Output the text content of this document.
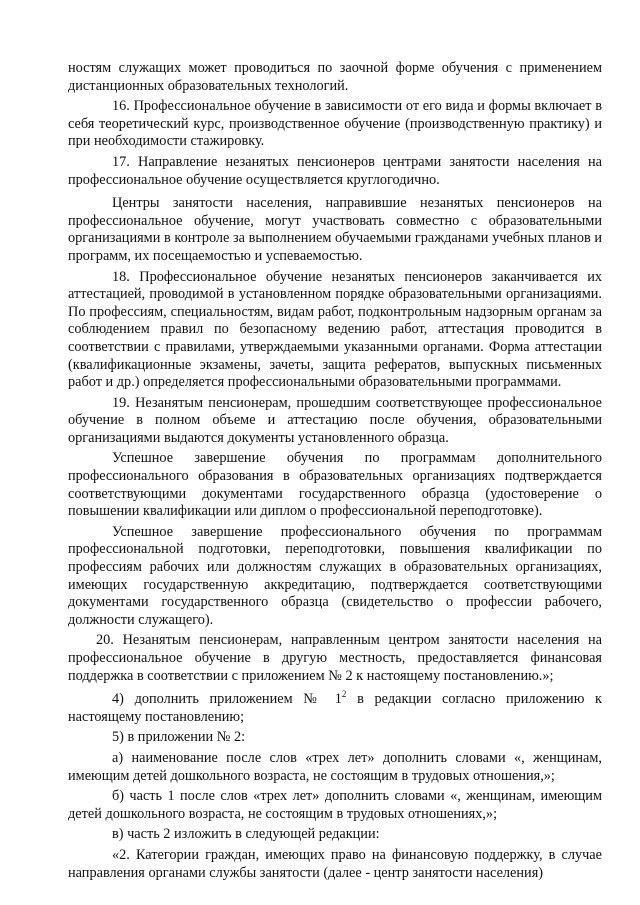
ностям служащих может проводиться по заочной форме обучения с применением дистанционных образовательных технологий.

16. Профессиональное обучение в зависимости от его вида и формы включает в себя теоретический курс, производственное обучение (производственную практику) и при необходимости стажировку.

17. Направление незанятых пенсионеров центрами занятости населения на профессиональное обучение осуществляется круглогодично.

Центры занятости населения, направившие незанятых пенсионеров на профессиональное обучение, могут участвовать совместно с образовательными организациями в контроле за выполнением обучаемыми гражданами учебных планов и программ, их посещаемостью и успеваемостью.

18. Профессиональное обучение незанятых пенсионеров заканчивается их аттестацией, проводимой в установленном порядке образовательными организациями. По профессиям, специальностям, видам работ, подконтрольным надзорным органам за соблюдением правил по безопасному ведению работ, аттестация проводится в соответствии с правилами, утверждаемыми указанными органами. Форма аттестации (квалификационные экзамены, зачеты, защита рефератов, выпускных письменных работ и др.) определяется профессиональными образовательными программами.

19. Незанятым пенсионерам, прошедшим соответствующее профессиональное обучение в полном объеме и аттестацию после обучения, образовательными организациями выдаются документы установленного образца.

Успешное завершение обучения по программам дополнительного профессионального образования в образовательных организациях подтверждается соответствующими документами государственного образца (удостоверение о повышении квалификации или диплом о профессиональной переподготовке).

Успешное завершение профессионального обучения по программам профессиональной подготовки, переподготовки, повышения квалификации по профессиям рабочих или должностям служащих в образовательных организациях, имеющих государственную аккредитацию, подтверждается соответствующими документами государственного образца (свидетельство о профессии рабочего, должности служащего).

20. Незанятым пенсионерам, направленным центром занятости населения на профессиональное обучение в другую местность, предоставляется финансовая поддержка в соответствии с приложением № 2 к настоящему постановлению.»;

4) дополнить приложением № $1^2$ в редакции согласно приложению к настоящему постановлению;

5) в приложении № 2:

а) наименование после слов «трех лет» дополнить словами «, женщинам, имеющим детей дошкольного возраста, не состоящим в трудовых отношения,»;

б) часть 1 после слов «трех лет» дополнить словами «, женщинам, имеющим детей дошкольного возраста, не состоящим в трудовых отношениях,»;

в) часть 2 изложить в следующей редакции:

«2. Категории граждан, имеющих право на финансовую поддержку, в случае направления органами службы занятости (далее - центр занятости населения)
